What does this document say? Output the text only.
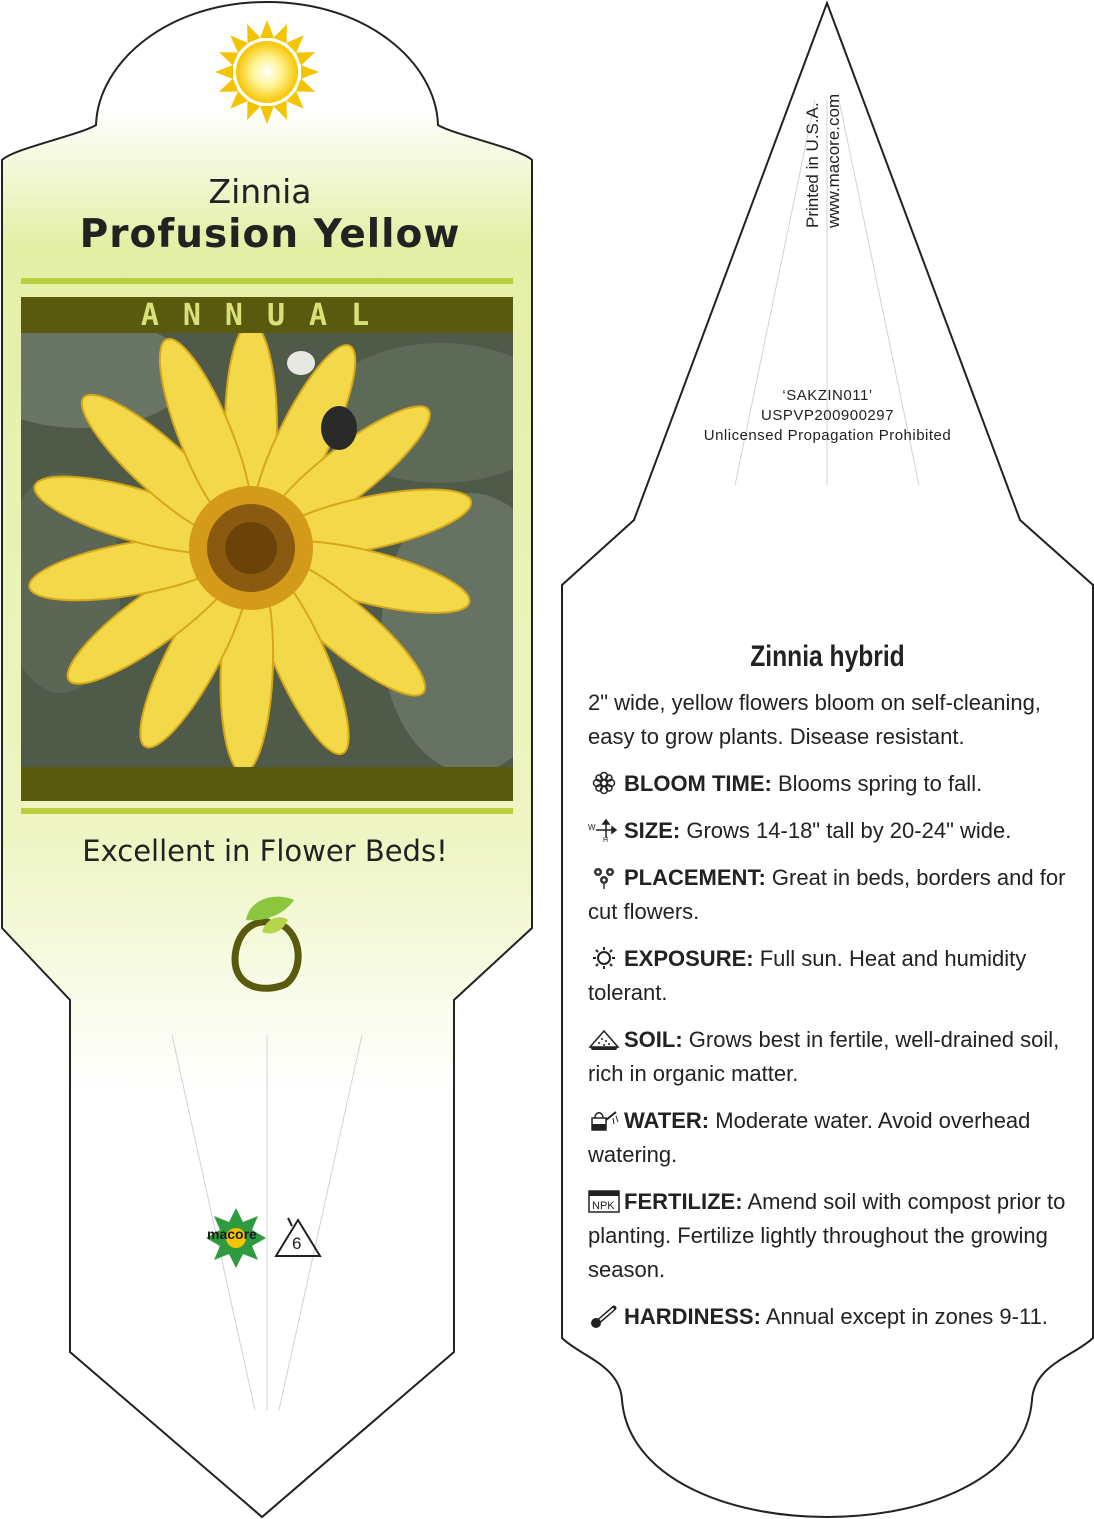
Zinnia
Profusion Yellow
ANNUAL
Excellent in Flower Beds!
macore 6
Printed in U.S.A. www.macore.com
‘SAKZIN011’
USPVP200900297
Unlicensed Propagation Prohibited
Zinnia hybrid

2" wide, yellow flowers bloom on self-cleaning, easy to grow plants. Disease resistant.

BLOOM TIME: Blooms spring to fall.

W
H SIZE: Grows 14-18" tall by 20-24" wide.

PLACEMENT: Great in beds, borders and for cut flowers.

EXPOSURE: Full sun. Heat and humidity tolerant.

SOIL: Grows best in fertile, well-drained soil, rich in organic matter.

WATER: Moderate water. Avoid overhead watering.

NPK FERTILIZE: Amend soil with compost prior to planting. Fertilize lightly throughout the growing season.

HARDINESS: Annual except in zones 9-11.
